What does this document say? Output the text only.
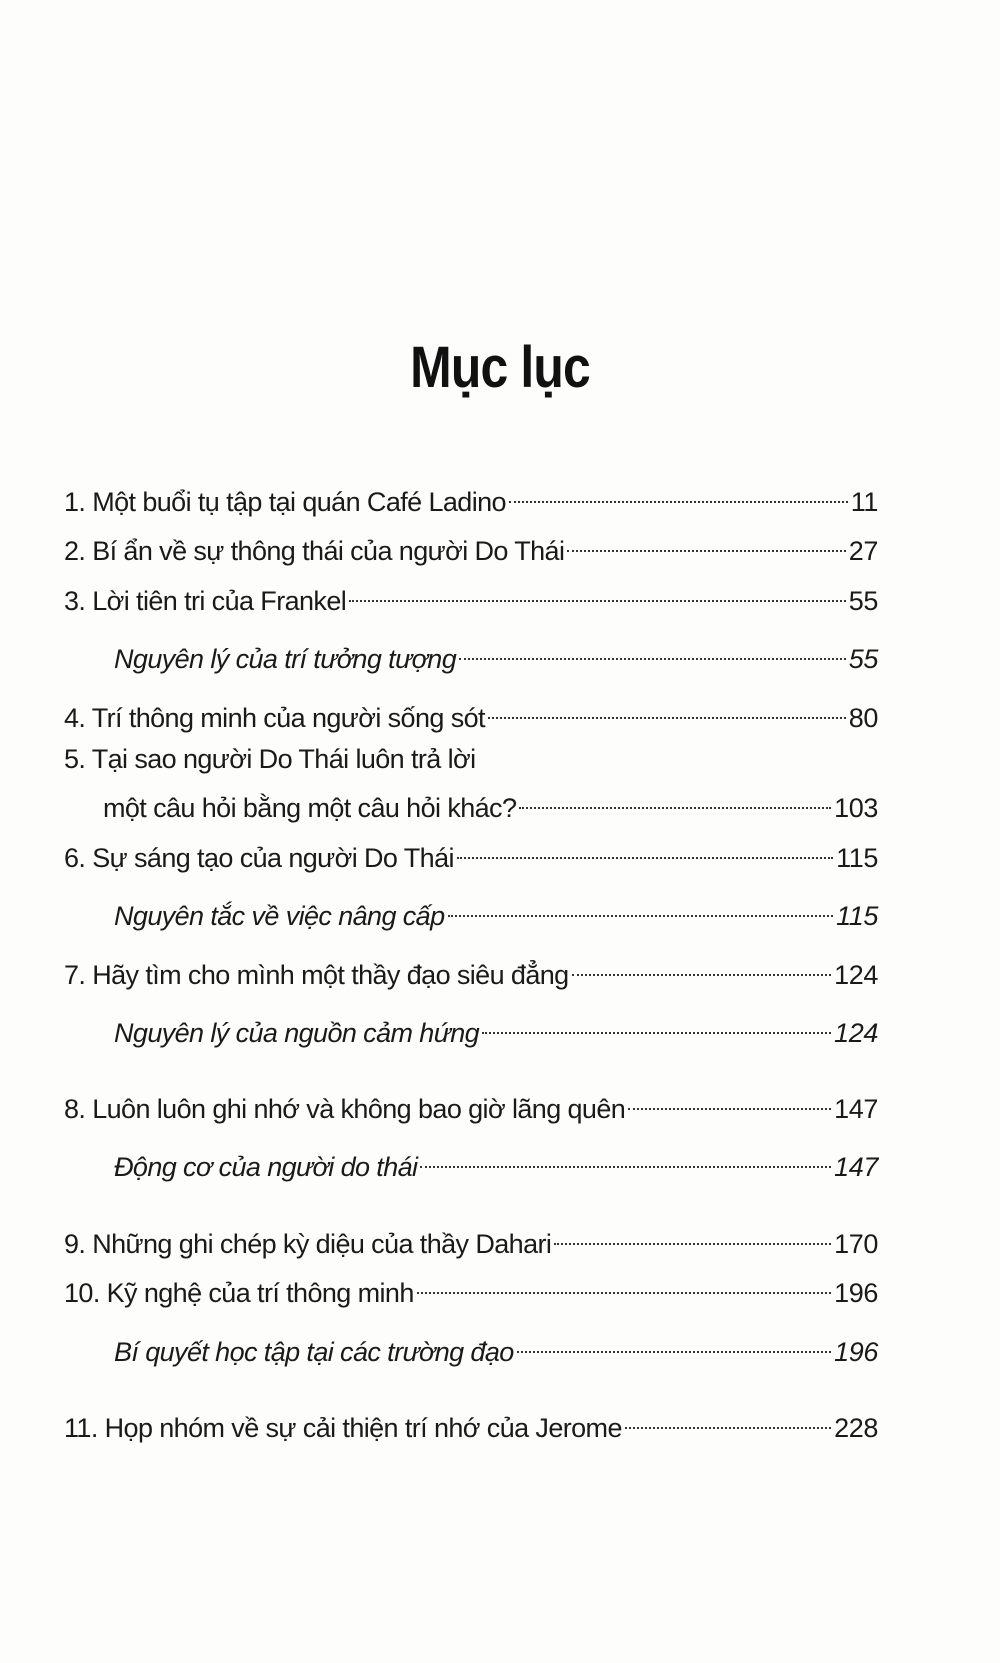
Mục lục
1. Một buổi tụ tập tại quán Café Ladino	11
2. Bí ẩn về sự thông thái của người Do Thái	27
3. Lời tiên tri của Frankel	55
Nguyên lý của trí tưởng tượng	55
4. Trí thông minh của người sống sót	80
5. Tại sao người Do Thái luôn trả lời
một câu hỏi bằng một câu hỏi khác?	103
6. Sự sáng tạo của người Do Thái	115
Nguyên tắc về việc nâng cấp	115
7. Hãy tìm cho mình một thầy đạo siêu đẳng	124
Nguyên lý của nguồn cảm hứng	124
8. Luôn luôn ghi nhớ và không bao giờ lãng quên	147
Động cơ của người do thái	147
9. Những ghi chép kỳ diệu của thầy Dahari	170
10. Kỹ nghệ của trí thông minh	196
Bí quyết học tập tại các trường đạo	196
11. Họp nhóm về sự cải thiện trí nhớ của Jerome	228
